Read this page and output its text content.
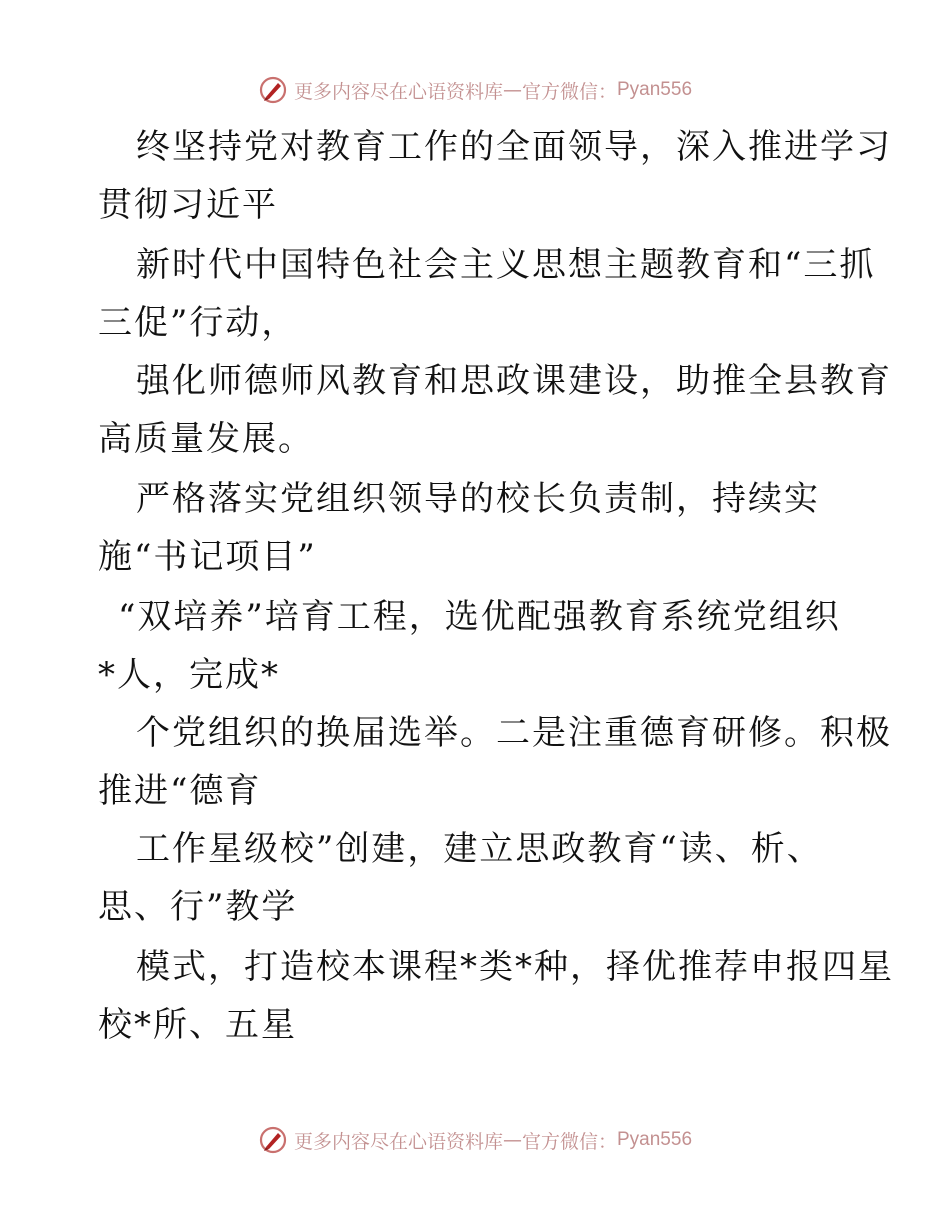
更多内容尽在心语资料库 — 官方微信： Pyan556
终坚持党对教育工作的全面领导，深入推进学习
贯彻习近平
新时代中国特色社会主义思想主题教育和“三抓
三促”行动，
强化师德师风教育和思政课建设，助推全县教育
高质量发展。
严格落实党组织领导的校长负责制，持续实
施“书记项目”
“双培养”培育工程，选优配强教育系统党组织
*人，完成*
个党组织的换届选举。二是注重德育研修。积极
推进“德育
工作星级校”创建，建立思政教育“读、析、
思、行”教学
模式，打造校本课程*类*种，择优推荐申报四星
校*所、五星
更多内容尽在心语资料库 — 官方微信： Pyan556
